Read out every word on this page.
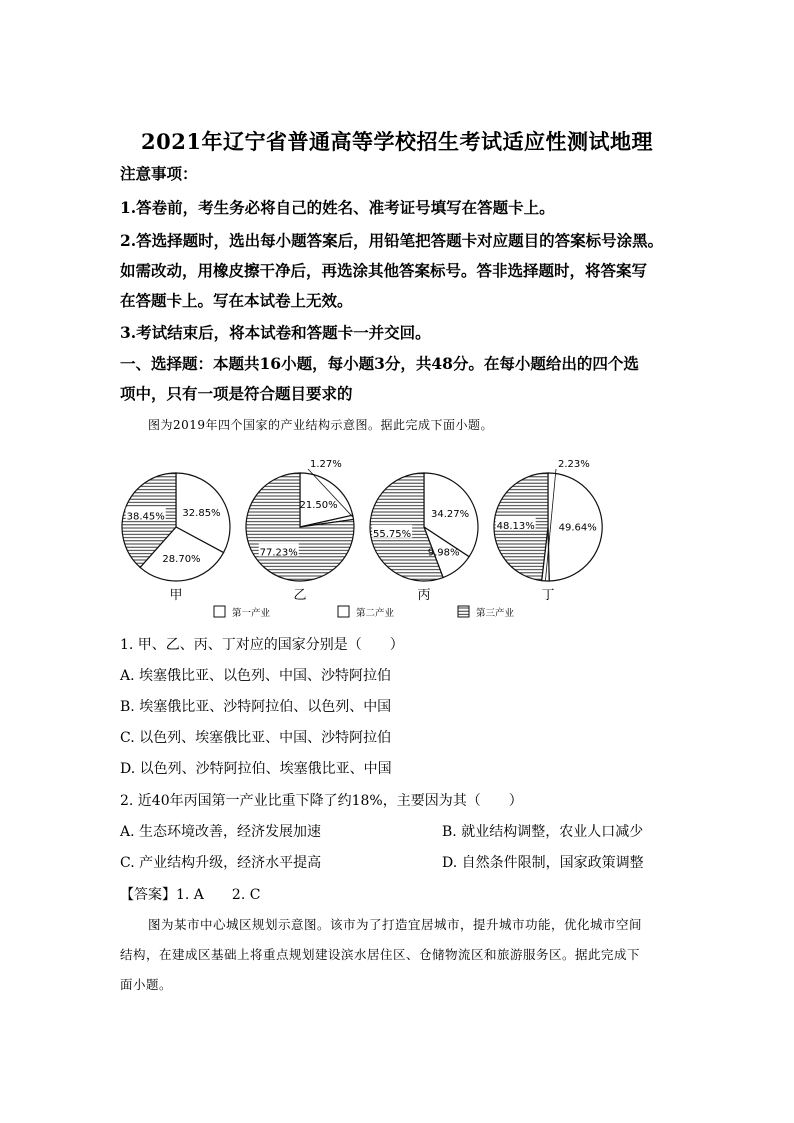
2021年辽宁省普通高等学校招生考试适应性测试地理
注意事项：
1.答卷前，考生务必将自己的姓名、准考证号填写在答题卡上。
2.答选择题时，选出每小题答案后，用铅笔把答题卡对应题目的答案标号涂黑。
如需改动，用橡皮擦干净后，再选涂其他答案标号。答非选择题时，将答案写
在答题卡上。写在本试卷上无效。
3.考试结束后，将本试卷和答题卡一并交回。
一、选择题：本题共16小题，每小题3分，共48分。在每小题给出的四个选
项中，只有一项是符合题目要求的
图为2019年四个国家的产业结构示意图。据此完成下面小题。
28.70%
32.85%
38.45%
甲
1.27%
21.50%
77.23%
乙
9.98%
34.27%
55.75%
丙
2.23%
49.64%
48.13%
丁
第一产业	第二产业	第三产业
1. 甲、乙、丙、丁对应的国家分别是（　　）
A. 埃塞俄比亚、以色列、中国、沙特阿拉伯
B. 埃塞俄比亚、沙特阿拉伯、以色列、中国
C. 以色列、埃塞俄比亚、中国、沙特阿拉伯
D. 以色列、沙特阿拉伯、埃塞俄比亚、中国
2. 近40年丙国第一产业比重下降了约18%，主要因为其（　　）
A. 生态环境改善，经济发展加速	B. 就业结构调整，农业人口减少
C. 产业结构升级，经济水平提高	D. 自然条件限制，国家政策调整
【答案】1. A　　2. C
图为某市中心城区规划示意图。该市为了打造宜居城市，提升城市功能，优化城市空间
结构，在建成区基础上将重点规划建设滨水居住区、仓储物流区和旅游服务区。据此完成下
面小题。
